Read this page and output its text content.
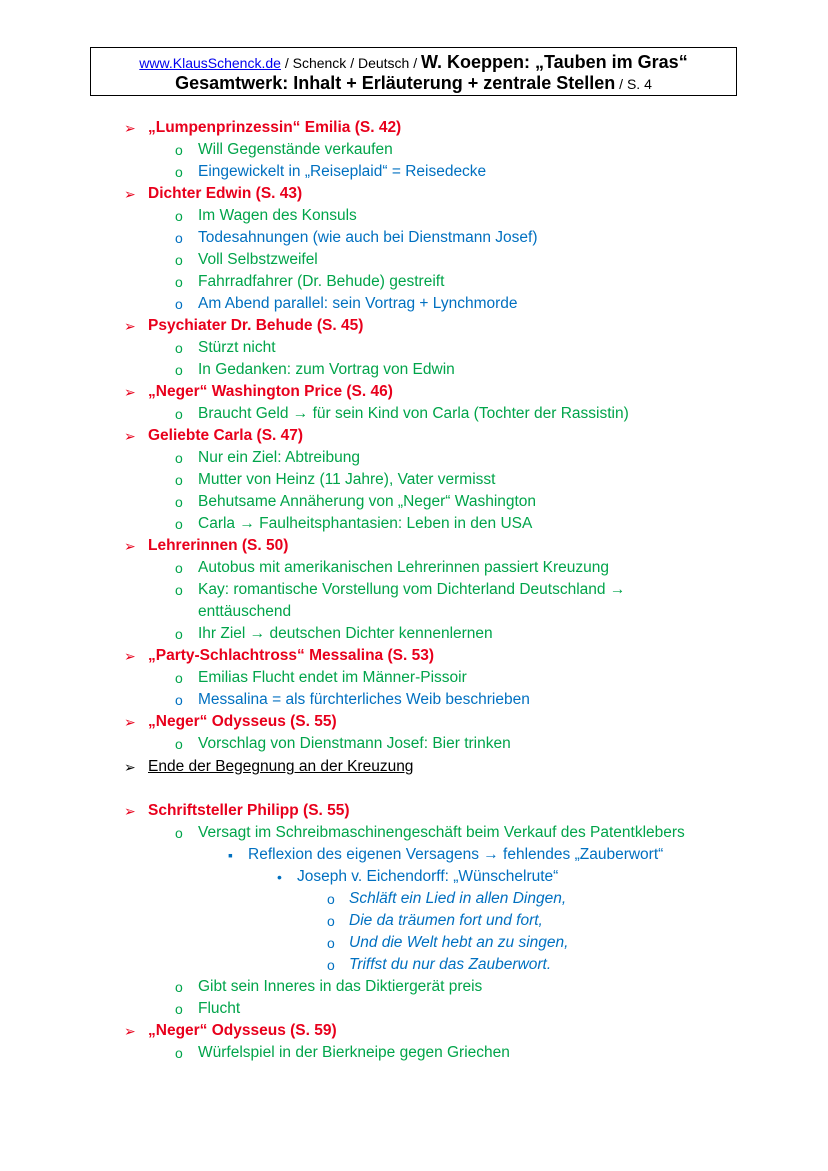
www.KlausSchenck.de / Schenck / Deutsch / W. Koeppen: „Tauben im Gras“
Gesamtwerk: Inhalt + Erläuterung + zentrale Stellen / S. 4
➢ „Lumpenprinzessin“ Emilia (S. 42)
o Will Gegenstände verkaufen
o Eingewickelt in „Reiseplaid“ = Reisedecke
➢ Dichter Edwin (S. 43)
o Im Wagen des Konsuls
o Todesahnungen (wie auch bei Dienstmann Josef)
o Voll Selbstzweifel
o Fahrradfahrer (Dr. Behude) gestreift
o Am Abend parallel: sein Vortrag + Lynchmorde
➢ Psychiater Dr. Behude (S. 45)
o Stürzt nicht
o In Gedanken: zum Vortrag von Edwin
➢ „Neger“ Washington Price (S. 46)
o Braucht Geld → für sein Kind von Carla (Tochter der Rassistin)
➢ Geliebte Carla (S. 47)
o Nur ein Ziel: Abtreibung
o Mutter von Heinz (11 Jahre), Vater vermisst
o Behutsame Annäherung von „Neger“ Washington
o Carla → Faulheitsphantasien: Leben in den USA
➢ Lehrerinnen (S. 50)
o Autobus mit amerikanischen Lehrerinnen passiert Kreuzung
o Kay: romantische Vorstellung vom Dichterland Deutschland →
enttäuschend
o Ihr Ziel → deutschen Dichter kennenlernen
➢ „Party-Schlachtross“ Messalina (S. 53)
o Emilias Flucht endet im Männer-Pissoir
o Messalina = als fürchterliches Weib beschrieben
➢ „Neger“ Odysseus (S. 55)
o Vorschlag von Dienstmann Josef: Bier trinken
➢ Ende der Begegnung an der Kreuzung
➢ Schriftsteller Philipp (S. 55)
o Versagt im Schreibmaschinengeschäft beim Verkauf des Patentklebers
▪ Reflexion des eigenen Versagens → fehlendes „Zauberwort“
• Joseph v. Eichendorff: „Wünschelrute“
o Schläft ein Lied in allen Dingen,
o Die da träumen fort und fort,
o Und die Welt hebt an zu singen,
o Triffst du nur das Zauberwort.
o Gibt sein Inneres in das Diktiergerät preis
o Flucht
➢ „Neger“ Odysseus (S. 59)
o Würfelspiel in der Bierkneipe gegen Griechen
